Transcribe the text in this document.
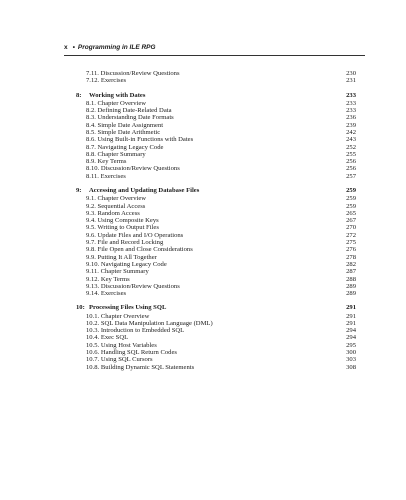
x • Programming in ILE RPG
7.11. Discussion/Review Questions	230
7.12. Exercises	231
8: Working with Dates	233
8.1. Chapter Overview	233
8.2. Defining Date-Related Data	233
8.3. Understanding Date Formats	236
8.4. Simple Date Assignment	239
8.5. Simple Date Arithmetic	242
8.6. Using Built-in Functions with Dates	243
8.7. Navigating Legacy Code	252
8.8. Chapter Summary	255
8.9. Key Terms	256
8.10. Discussion/Review Questions	256
8.11. Exercises	257
9: Accessing and Updating Database Files	259
9.1. Chapter Overview	259
9.2. Sequential Access	259
9.3. Random Access	265
9.4. Using Composite Keys	267
9.5. Writing to Output Files	270
9.6. Update Files and I/O Operations	272
9.7. File and Record Locking	275
9.8. File Open and Close Considerations	276
9.9. Putting It All Together	278
9.10. Navigating Legacy Code	282
9.11. Chapter Summary	287
9.12. Key Terms	288
9.13. Discussion/Review Questions	289
9.14. Exercises	289
10: Processing Files Using SQL	291
10.1. Chapter Overview	291
10.2. SQL Data Manipulation Language (DML)	291
10.3. Introduction to Embedded SQL	294
10.4. Exec SQL	294
10.5. Using Host Variables	295
10.6. Handling SQL Return Codes	300
10.7. Using SQL Cursors	303
10.8. Building Dynamic SQL Statements	308
